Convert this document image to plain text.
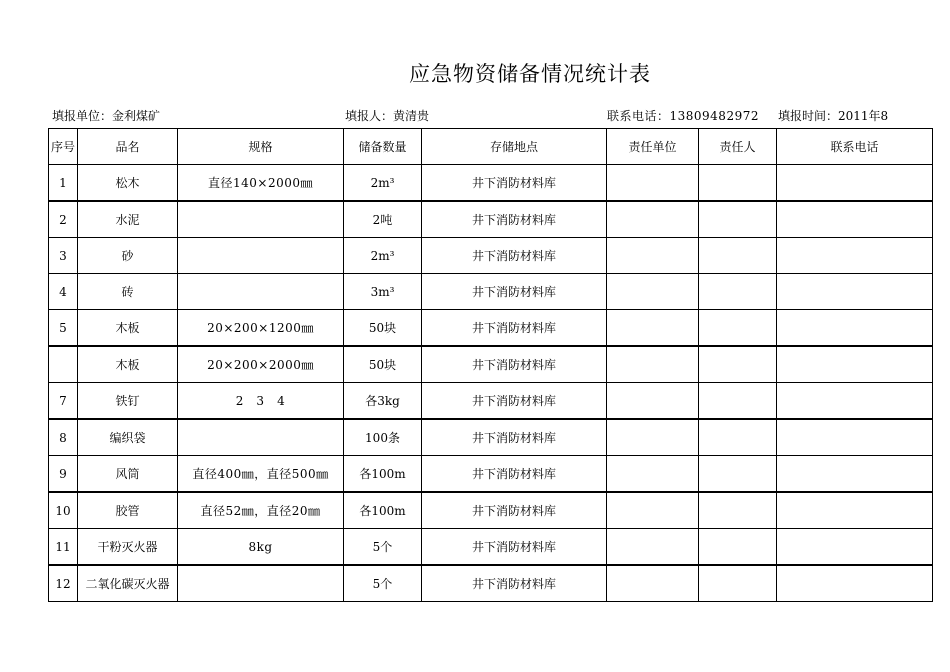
应急物资储备情况统计表
填报单位：金利煤矿	填报人：黄清贵	联系电话：13809482972 填报时间：2011年8
序号	品名	规格	储备数量	存储地点	责任单位	责任人	联系电话
1	松木	直径140×2000㎜	2m³	井下消防材料库			
2	水泥		2吨	井下消防材料库			
3	砂		2m³	井下消防材料库			
4	砖		3m³	井下消防材料库			
5	木板	20×200×1200㎜	50块	井下消防材料库			
	木板	20×200×2000㎜	50块	井下消防材料库			
7	铁钉	2　3　4	各3kg	井下消防材料库			
8	编织袋		100条	井下消防材料库			
9	风筒	直径400㎜，直径500㎜	各100m	井下消防材料库			
10	胶管	直径52㎜，直径20㎜	各100m	井下消防材料库			
11	干粉灭火器	8kg	5个	井下消防材料库			
12	二氧化碳灭火器		5个	井下消防材料库			
